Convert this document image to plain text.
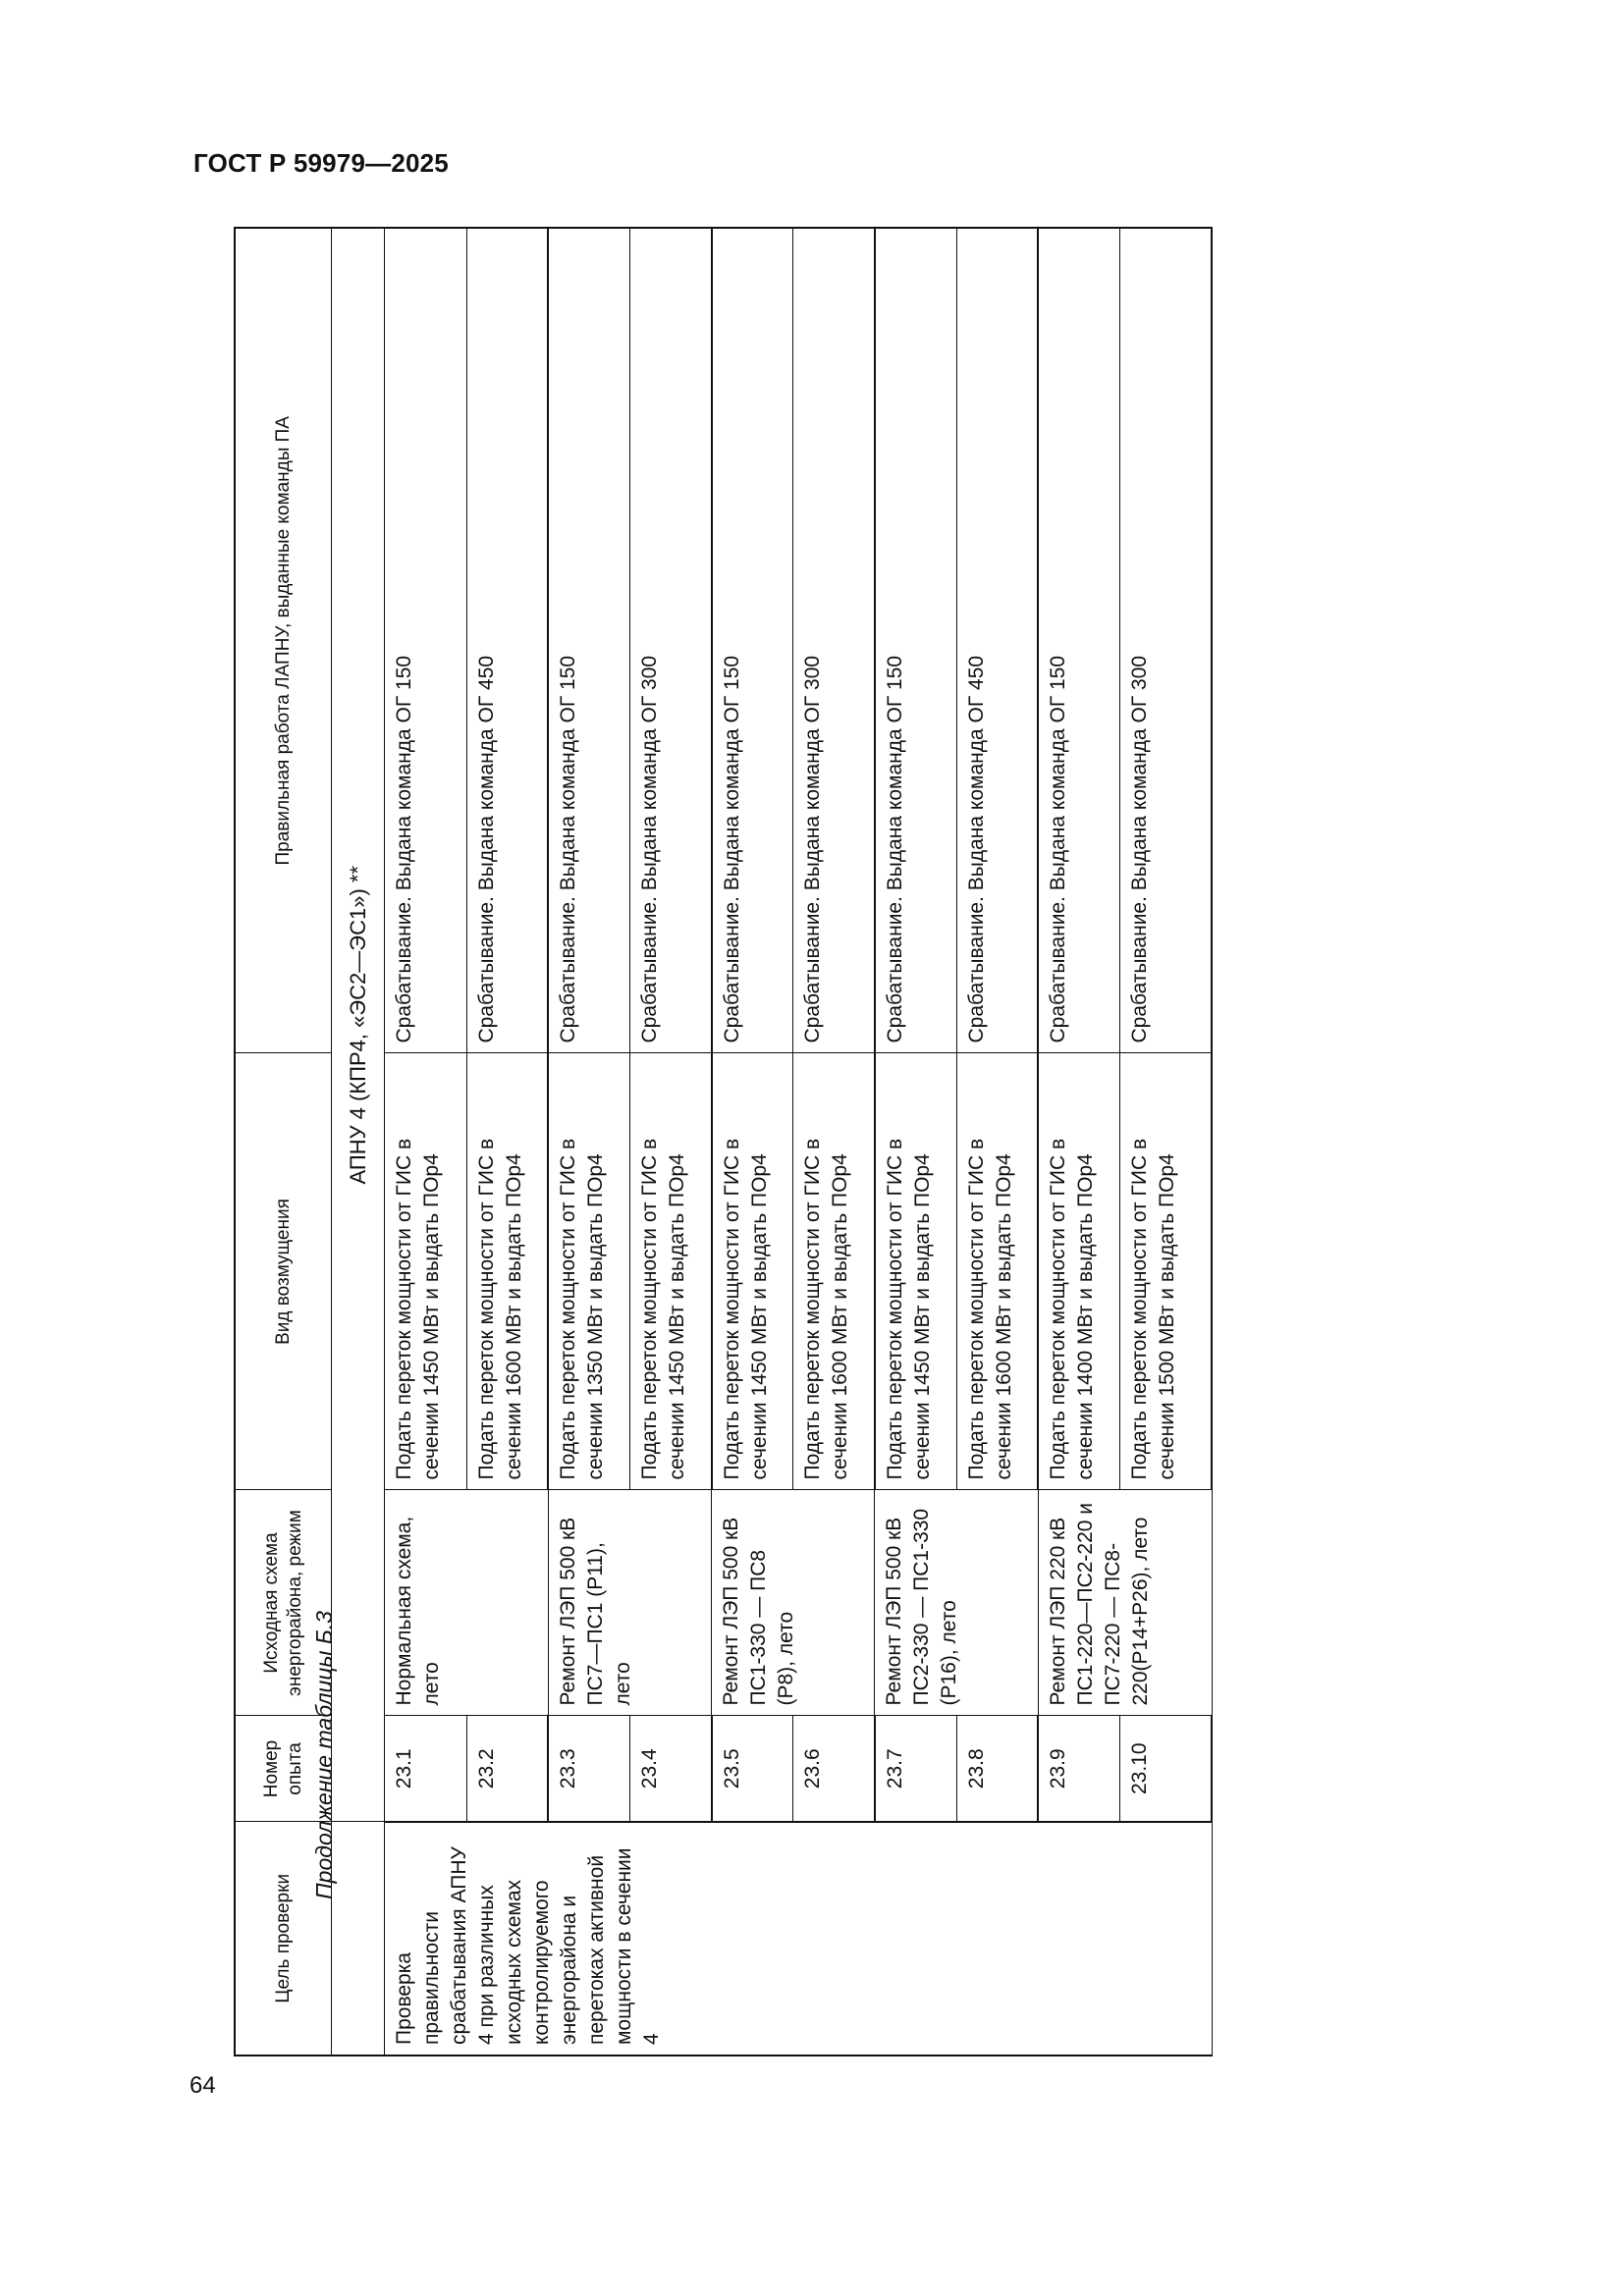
ГОСТ Р 59979—2025
Продолжение таблицы Б.3
64
Цель проверки	Номер опыта	Исходная схема энергорайона, режим	Вид возмущения	Правильная работа ЛАПНУ, выданные команды ПА
	АПНУ 4 (КПР4, «ЭС2—ЭС1») **			
Проверка правильности срабатывания АПНУ 4 при различных исходных схемах контролируемого энергорайона и перетоках активной мощности в сечении 4	23.1	Нормальная схема, лето	Подать переток мощности от ГИС в сечении 1450 МВт и выдать ПОр4	Срабатывание. Выдана команда ОГ 150
	23.2		Подать переток мощности от ГИС в сечении 1600 МВт и выдать ПОр4	Срабатывание. Выдана команда ОГ 450
	23.3	Ремонт ЛЭП 500 кВ ПС7—ПС1 (Р11), лето	Подать переток мощности от ГИС в сечении 1350 МВт и выдать ПОр4	Срабатывание. Выдана команда ОГ 150
	23.4		Подать переток мощности от ГИС в сечении 1450 МВт и выдать ПОр4	Срабатывание. Выдана команда ОГ 300
	23.5	Ремонт ЛЭП 500 кВ ПС1-330 — ПС8 (Р8), лето	Подать переток мощности от ГИС в сечении 1450 МВт и выдать ПОр4	Срабатывание. Выдана команда ОГ 150
	23.6		Подать переток мощности от ГИС в сечении 1600 МВт и выдать ПОр4	Срабатывание. Выдана команда ОГ 300
	23.7	Ремонт ЛЭП 500 кВ ПС2-330 — ПС1-330 (Р16), лето	Подать переток мощности от ГИС в сечении 1450 МВт и выдать ПОр4	Срабатывание. Выдана команда ОГ 150
	23.8		Подать переток мощности от ГИС в сечении 1600 МВт и выдать ПОр4	Срабатывание. Выдана команда ОГ 450
	23.9	Ремонт ЛЭП 220 кВ ПС1-220—ПС2-220 и ПС7-220 — ПС8-220(Р14+Р26), лето	Подать переток мощности от ГИС в сечении 1400 МВт и выдать ПОр4	Срабатывание. Выдана команда ОГ 150
	23.10		Подать переток мощности от ГИС в сечении 1500 МВт и выдать ПОр4	Срабатывание. Выдана команда ОГ 300
